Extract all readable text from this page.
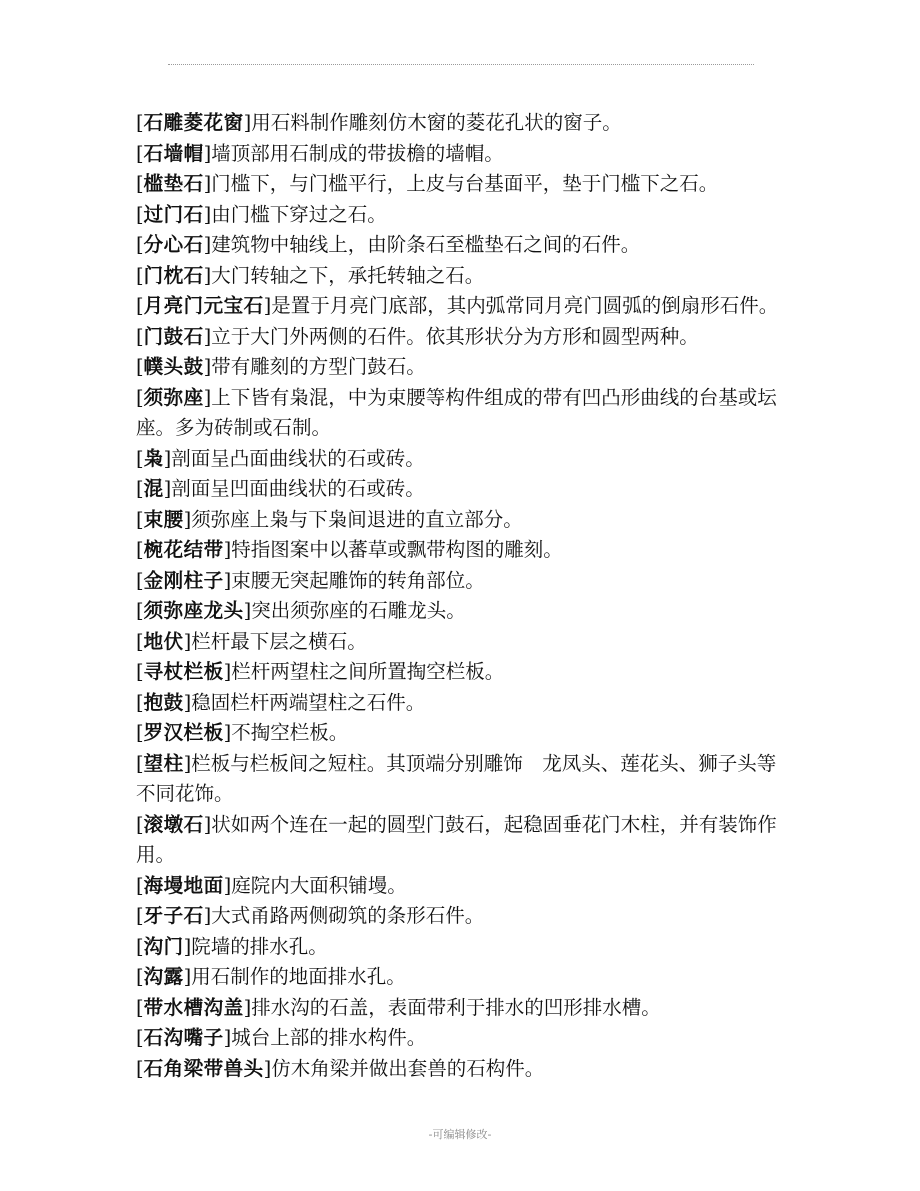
[石雕菱花窗]用石料制作雕刻仿木窗的菱花孔状的窗子。
[石墙帽]墙顶部用石制成的带拔檐的墙帽。
[槛垫石]门槛下，与门槛平行，上皮与台基面平，垫于门槛下之石。
[过门石]由门槛下穿过之石。
[分心石]建筑物中轴线上，由阶条石至槛垫石之间的石件。
[门枕石]大门转轴之下，承托转轴之石。
[月亮门元宝石]是置于月亮门底部，其内弧常同月亮门圆弧的倒扇形石件。
[门鼓石]立于大门外两侧的石件。依其形状分为方形和圆型两种。
[幞头鼓]带有雕刻的方型门鼓石。
[须弥座]上下皆有枭混，中为束腰等构件组成的带有凹凸形曲线的台基或坛座。多为砖制或石制。
[枭]剖面呈凸面曲线状的石或砖。
[混]剖面呈凹面曲线状的石或砖。
[束腰]须弥座上枭与下枭间退进的直立部分。
[椀花结带]特指图案中以蕃草或飘带构图的雕刻。
[金刚柱子]束腰无突起雕饰的转角部位。
[须弥座龙头]突出须弥座的石雕龙头。
[地伏]栏杆最下层之横石。
[寻杖栏板]栏杆两望柱之间所置掏空栏板。
[抱鼓]稳固栏杆两端望柱之石件。
[罗汉栏板]不掏空栏板。
[望柱]栏板与栏板间之短柱。其顶端分别雕饰　龙凤头、莲花头、狮子头等不同花饰。
[滚墩石]状如两个连在一起的圆型门鼓石，起稳固垂花门木柱，并有装饰作用。
[海墁地面]庭院内大面积铺墁。
[牙子石]大式甬路两侧砌筑的条形石件。
[沟门]院墙的排水孔。
[沟露]用石制作的地面排水孔。
[带水槽沟盖]排水沟的石盖，表面带利于排水的凹形排水槽。
[石沟嘴子]城台上部的排水构件。
[石角梁带兽头]仿木角梁并做出套兽的石构件。
-可编辑修改-
